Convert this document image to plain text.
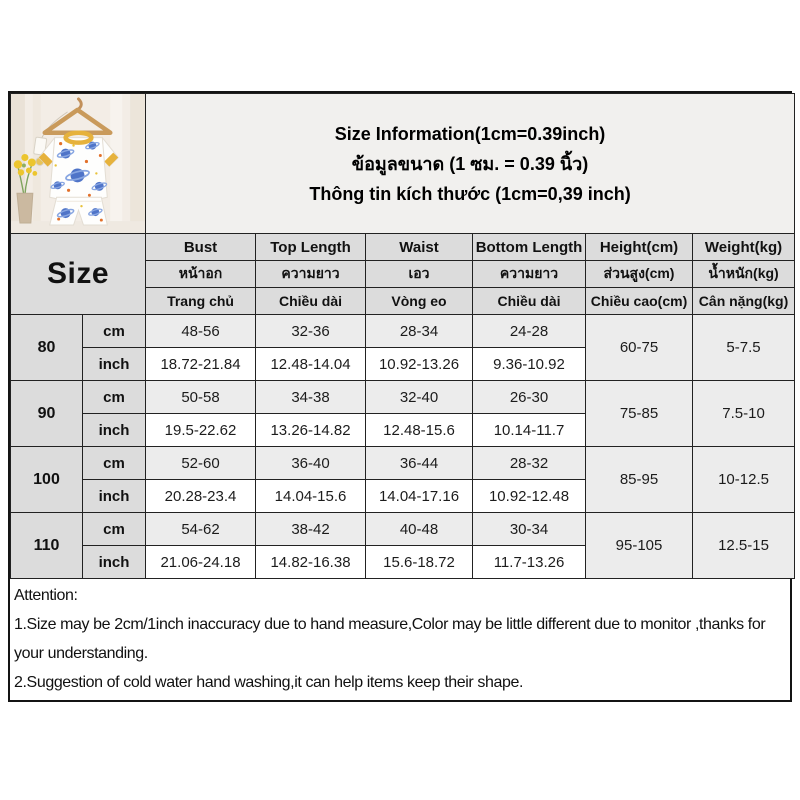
Size Information(1cm=0.39inch)
ข้อมูลขนาด (1 ซม. = 0.39 นิ้ว)
Thông tin kích thước (1cm=0,39 inch)					

Size		Bust	Top Length	Waist	Bottom Length	Height(cm)	Weight(kg)
		หน้าอก	ความยาว	เอว	ความยาว	ส่วนสูง(cm)	น้ำหนัก(kg)
		Trang chủ	Chiều dài	Vòng eo	Chiều dài	Chiều cao(cm)	Cân nặng(kg)
80	cm	48-56	32-36	28-34	24-28	60-75	5-7.5
	inch	18.72-21.84	12.48-14.04	10.92-13.26	9.36-10.92		
90	cm	50-58	34-38	32-40	26-30	75-85	7.5-10
	inch	19.5-22.62	13.26-14.82	12.48-15.6	10.14-11.7		
100	cm	52-60	36-40	36-44	28-32	85-95	10-12.5
	inch	20.28-23.4	14.04-15.6	14.04-17.16	10.92-12.48		
110	cm	54-62	38-42	40-48	30-34	95-105	12.5-15
	inch	21.06-24.18	14.82-16.38	15.6-18.72	11.7-13.26		
Attention:
1.Size may be 2cm/1inch inaccuracy due to hand measure,Color may be little different due to monitor ,thanks for your understanding.
2.Suggestion of cold water hand washing,it can help items keep their shape.
